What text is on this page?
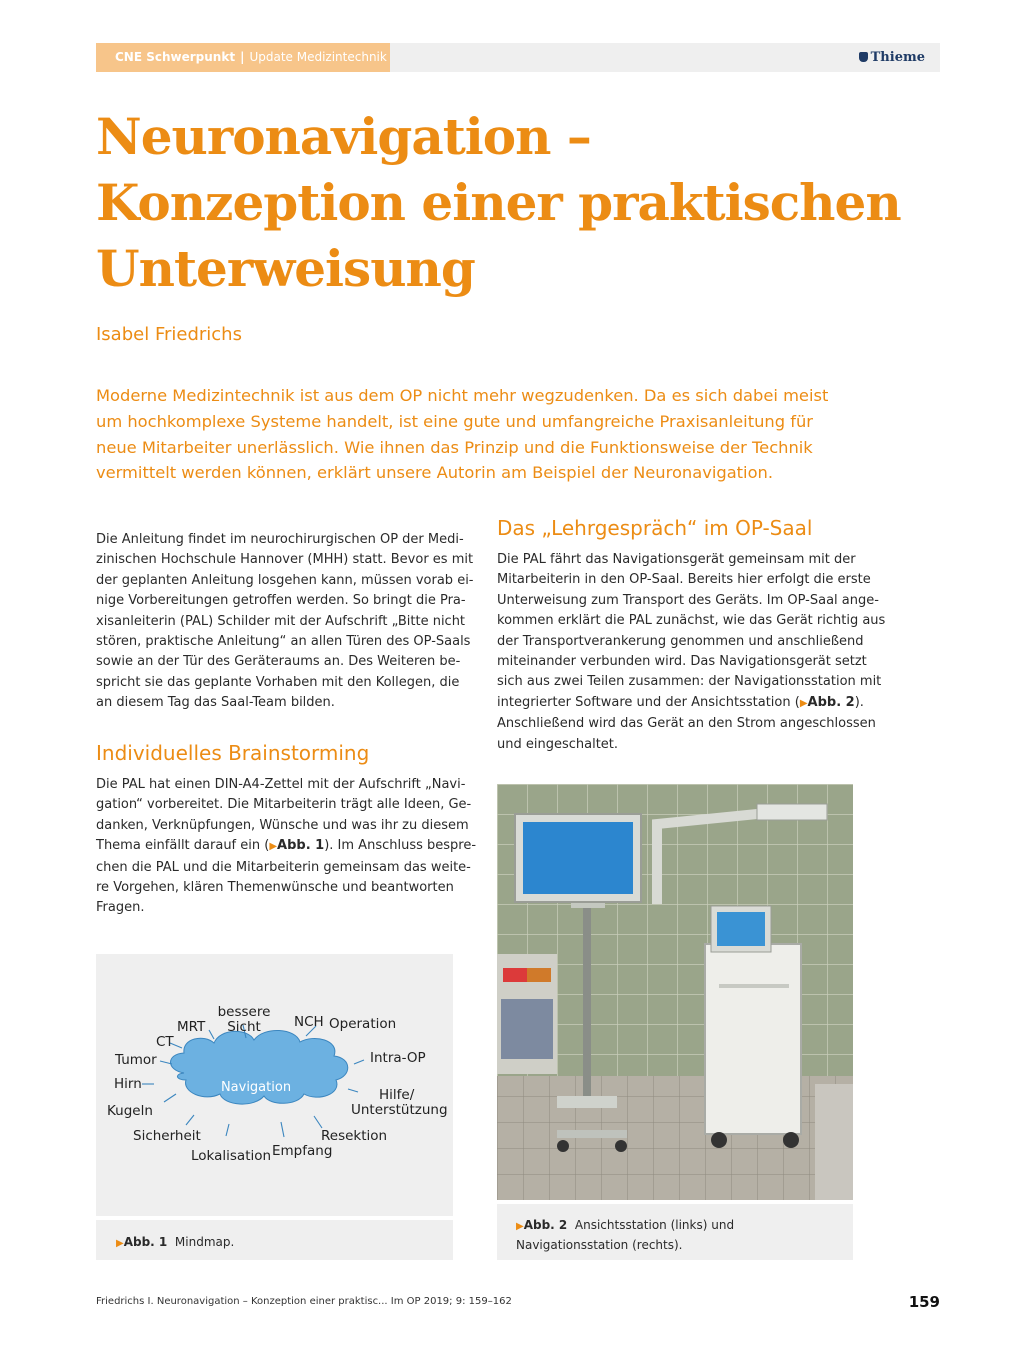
CNE Schwerpunkt | Update Medizintechnik	Thieme
Neuronavigation –
Konzeption einer praktischen
Unterweisung
Isabel Friedrichs
Moderne Medizintechnik ist aus dem OP nicht mehr wegzudenken. Da es sich dabei meist
um hochkomplexe Systeme handelt, ist eine gute und umfangreiche Praxisanleitung für
neue Mitarbeiter unerlässlich. Wie ihnen das Prinzip und die Funktionsweise der Technik
vermittelt werden können, erklärt unsere Autorin am Beispiel der Neuronavigation.
Die Anleitung findet im neurochirurgischen OP der Medi-
zinischen Hochschule Hannover (MHH) statt. Bevor es mit
der geplanten Anleitung losgehen kann, müssen vorab ei-
nige Vorbereitungen getroffen werden. So bringt die Pra-
xisanleiterin (PAL) Schilder mit der Aufschrift „Bitte nicht
stören, praktische Anleitung“ an allen Türen des OP-Saals
sowie an der Tür des Geräteraums an. Des Weiteren be-
spricht sie das geplante Vorhaben mit den Kollegen, die
an diesem Tag das Saal-Team bilden.
Individuelles Brainstorming
Die PAL hat einen DIN-A4-Zettel mit der Aufschrift „Navi-
gation“ vorbereitet. Die Mitarbeiterin trägt alle Ideen, Ge-
danken, Verknüpfungen, Wünsche und was ihr zu diesem
Thema einfällt darauf ein (▶Abb. 1). Im Anschluss bespre-
chen die PAL und die Mitarbeiterin gemeinsam das weite-
re Vorgehen, klären Themenwünsche und beantworten
Fragen.
Navigation
bessere
Sicht
MRT	NCH Operation
CT
Tumor	Intra-OP
Hirn
Hilfe/
Unterstützung
Kugeln
Sicherheit	Resektion
Lokalisation Empfang
▶Abb. 1 Mindmap.
Das „Lehrgespräch“ im OP-Saal
Die PAL fährt das Navigationsgerät gemeinsam mit der
Mitarbeiterin in den OP-Saal. Bereits hier erfolgt die erste
Unterweisung zum Transport des Geräts. Im OP-Saal ange-
kommen erklärt die PAL zunächst, wie das Gerät richtig aus
der Transportverankerung genommen und anschließend
miteinander verbunden wird. Das Navigationsgerät setzt
sich aus zwei Teilen zusammen: der Navigationsstation mit
integrierter Software und der Ansichtsstation (▶Abb. 2).
Anschließend wird das Gerät an den Strom angeschlossen
und eingeschaltet.
▶Abb. 2 Ansichtsstation (links) und Navigationsstation (rechts).
Friedrichs I. Neuronavigation – Konzeption einer praktisc... Im OP 2019; 9: 159–162	159
